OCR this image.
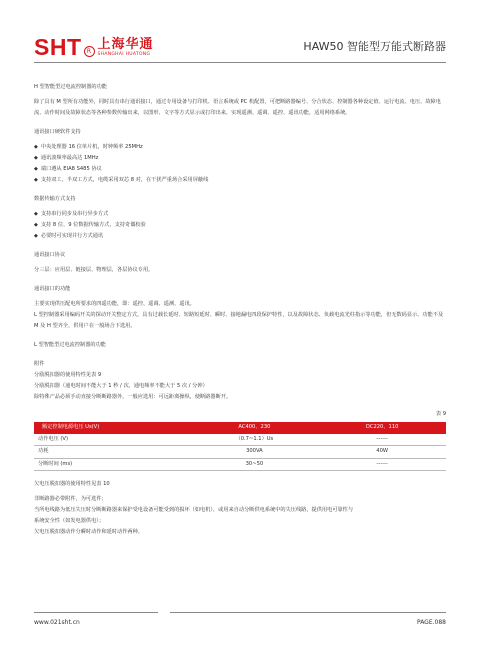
SHT R 上海华通
SHANGHAI HUATONG
HAW50 智能型万能式断路器
H 型智能型过电流控制器的功能
除了具有 M 型所有功能外，同时具有串行通讯接口，通过专用设备与打印机、语言系统或 PC 机配置，可把断路器编号、分合状态、控制器各种设定值、运行电流、电压、故障电流、动作时间及故障状态等各种参数传输出来，以图形、文字等方式显示或打印出来，实现遥测、遥调、遥控、遥讯功能，适用网络系统。
通讯接口硬软件支持
◆ 中央处理器 16 位单片机，时钟频率 25MHz
◆ 通讯波频率最高达 1MHz
◆ 端口遵从 EIA8 S485 协议
◆ 支持双工，半双工方式，电缆采用双芯 8 对，在干扰严重场合采用屏蔽线
数据传输方式支持
◆ 支持串行同步及串行异步方式
◆ 支持 8 位、9 位数据传输方式，支持奇偶校验
◆ 必要时可实现并行方式通讯
通讯接口协议
分三层：应用层、链接层、物理层，各层协议专用。
通讯接口的功能
主要实现供压配电所要求的四遥功能，即：遥控、遥调、遥测、遥讯。
L 型控制器采用编码开关的探动开关整定方式，具有过载长延时、短路短延时、瞬时、接地漏电四段保护特性，以及故障状态、负载电流光柱指示等功能，但无数码显示、功能不及 M 及 H 型齐全，供用户在一般场合下选用。
L 型智能型过电流控制器的功能
附件
分励脱扣器的使用特性见表 9
分励脱扣器（通电时间不能大于 1 秒 / 次，通电频率不能大于 5 次 / 分钟）
除特殊产品必须手动直接分断断路器外，一般应选用：可远距离操纵，使断路器断开。
表 9
额定控制电源电压 Us(V)	AC400、230	DC220、110
动作电压 (V)	（0.7~1.1）Us	------
功耗	300VA	40W
分断时间 (ms)	30~50	------
欠电压脱扣器的使用特性见表 10
非断路器必带附件，为可选件；
当所电线路为低压失压时分断断路器来保护受电设备可能受到的损坏（如电机），或用来自动分断供电系统中的失压线路，提供用电可靠性与
系统安全性（如发电器供电）；
欠电压脱扣器动作分瞬时动作和延时动作两种。
www.021sht.cn	PAGE.088
